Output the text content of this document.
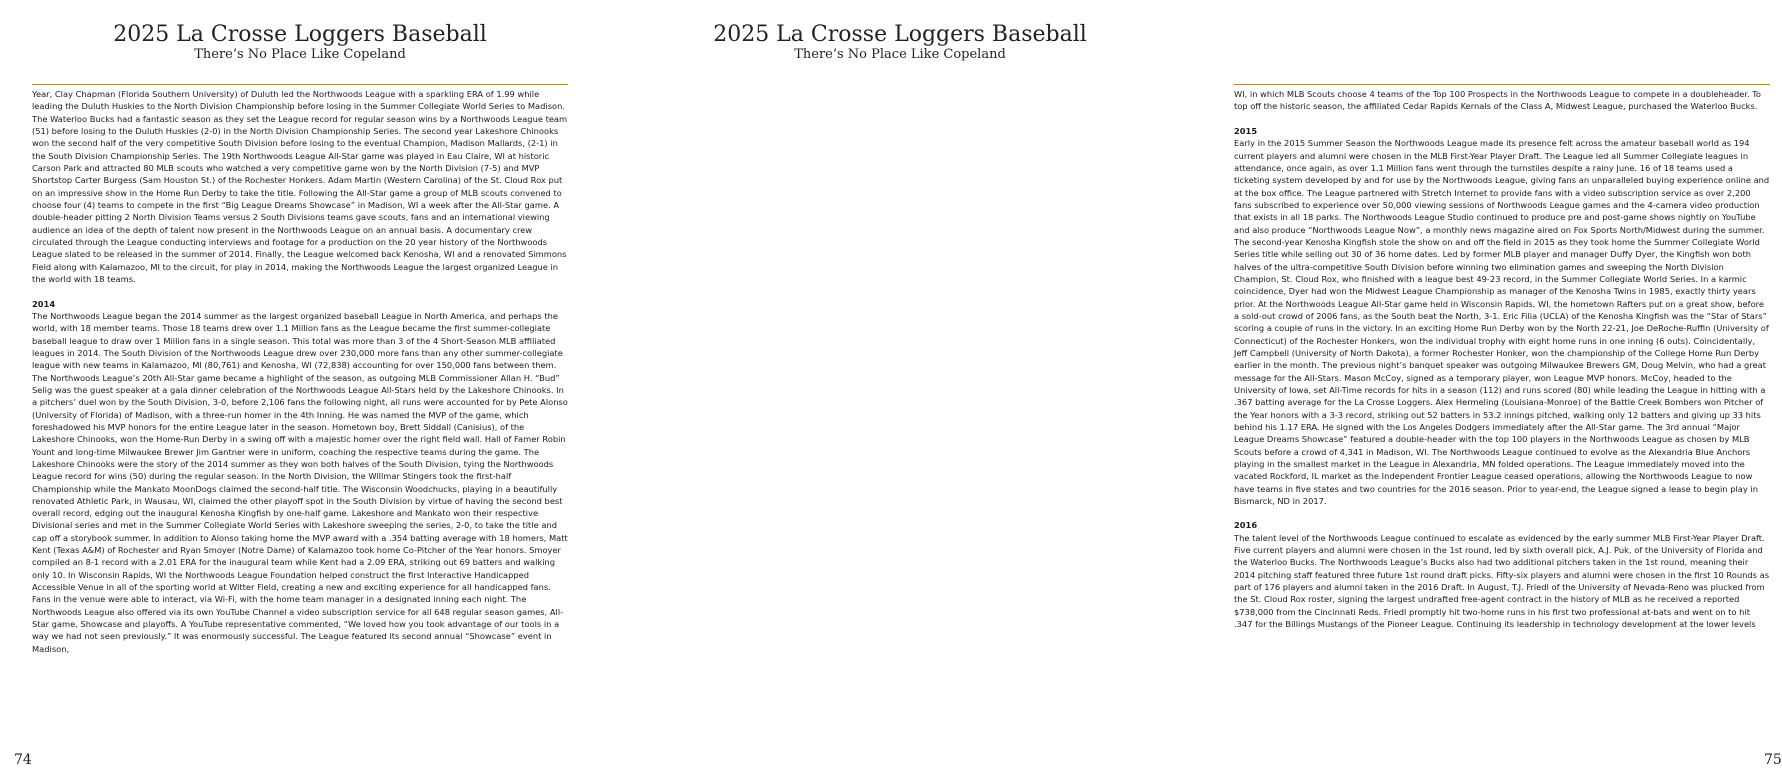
2025 La Crosse Loggers Baseball
There’s No Place Like Copeland

Year, Clay Chapman (Florida Southern University) of Duluth led the Northwoods League with a sparkling ERA of 1.99 while leading the Duluth Huskies to the North Division Championship before losing in the Summer Collegiate World Series to Madison. The Waterloo Bucks had a fantastic season as they set the League record for regular season wins by a Northwoods League team (51) before losing to the Duluth Huskies (2-0) in the North Division Championship Series. The second year Lakeshore Chinooks won the second half of the very competitive South Division before losing to the eventual Champion, Madison Mallards, (2-1) in the South Division Championship Series. The 19th Northwoods League All-Star game was played in Eau Claire, WI at historic Carson Park and attracted 80 MLB scouts who watched a very competitive game won by the North Division (7-5) and MVP Shortstop Carter Burgess (Sam Houston St.) of the Rochester Honkers. Adam Martin (Western Carolina) of the St. Cloud Rox put on an impressive show in the Home Run Derby to take the title. Following the All-Star game a group of MLB scouts convened to choose four (4) teams to compete in the first “Big League Dreams Showcase” in Madison, WI a week after the All-Star game. A double-header pitting 2 North Division Teams versus 2 South Divisions teams gave scouts, fans and an international viewing audience an idea of the depth of talent now present in the Northwoods League on an annual basis. A documentary crew circulated through the League conducting interviews and footage for a production on the 20 year history of the Northwoods League slated to be released in the summer of 2014. Finally, the League welcomed back Kenosha, WI and a renovated Simmons Field along with Kalamazoo, MI to the circuit, for play in 2014, making the Northwoods League the largest organized League in the world with 18 teams.

2014

The Northwoods League began the 2014 summer as the largest organized baseball League in North America, and perhaps the world, with 18 member teams. Those 18 teams drew over 1.1 Million fans as the League became the first summer-collegiate baseball league to draw over 1 Million fans in a single season. This total was more than 3 of the 4 Short-Season MLB affiliated leagues in 2014. The South Division of the Northwoods League drew over 230,000 more fans than any other summer-collegiate league with new teams in Kalamazoo, MI (80,761) and Kenosha, WI (72,838) accounting for over 150,000 fans between them. The Northwoods League’s 20th All-Star game became a highlight of the season, as outgoing MLB Commissioner Allan H. “Bud” Selig was the guest speaker at a gala dinner celebration of the Northwoods League All-Stars held by the Lakeshore Chinooks. In a pitchers’ duel won by the South Division, 3-0, before 2,106 fans the following night, all runs were accounted for by Pete Alonso (University of Florida) of Madison, with a three-run homer in the 4th Inning. He was named the MVP of the game, which foreshadowed his MVP honors for the entire League later in the season. Hometown boy, Brett Siddall (Canisius), of the Lakeshore Chinooks, won the Home-Run Derby in a swing off with a majestic homer over the right field wall. Hall of Famer Robin Yount and long-time Milwaukee Brewer Jim Gantner were in uniform, coaching the respective teams during the game. The Lakeshore Chinooks were the story of the 2014 summer as they won both halves of the South Division, tying the Northwoods League record for wins (50) during the regular season. In the North Division, the Willmar Stingers took the first-half Championship while the Mankato MoonDogs claimed the second-half title. The Wisconsin Woodchucks, playing in a beautifully renovated Athletic Park, in Wausau, WI, claimed the other playoff spot in the South Division by virtue of having the second best overall record, edging out the inaugural Kenosha Kingfish by one-half game. Lakeshore and Mankato won their respective Divisional series and met in the Summer Collegiate World Series with Lakeshore sweeping the series, 2-0, to take the title and cap off a storybook summer. In addition to Alonso taking home the MVP award with a .354 batting average with 18 homers, Matt Kent (Texas A&M) of Rochester and Ryan Smoyer (Notre Dame) of Kalamazoo took home Co-Pitcher of the Year honors. Smoyer compiled an 8-1 record with a 2.01 ERA for the inaugural team while Kent had a 2.09 ERA, striking out 69 batters and walking only 10. In Wisconsin Rapids, WI the Northwoods League Foundation helped construct the first Interactive Handicapped Accessible Venue in all of the sporting world at Witter Field, creating a new and exciting experience for all handicapped fans. Fans in the venue were able to interact, via Wi-Fi, with the home team manager in a designated inning each night. The Northwoods League also offered via its own YouTube Channel a video subscription service for all 648 regular season games, All-Star game, Showcase and playoffs. A YouTube representative commented, “We loved how you took advantage of our tools in a way we had not seen previously.” It was enormously successful. The League featured its second annual “Showcase” event in Madison,

74
2025 La Crosse Loggers Baseball
There’s No Place Like Copeland

WI, in which MLB Scouts choose 4 teams of the Top 100 Prospects in the Northwoods League to compete in a doubleheader. To top off the historic season, the affiliated Cedar Rapids Kernals of the Class A, Midwest League, purchased the Waterloo Bucks.

2015

Early in the 2015 Summer Season the Northwoods League made its presence felt across the amateur baseball world as 194 current players and alumni were chosen in the MLB First-Year Player Draft. The League led all Summer Collegiate leagues in attendance, once again, as over 1.1 Million fans went through the turnstiles despite a rainy June. 16 of 18 teams used a ticketing system developed by and for use by the Northwoods League, giving fans an unparalleled buying experience online and at the box office. The League partnered with Stretch Internet to provide fans with a video subscription service as over 2,200 fans subscribed to experience over 50,000 viewing sessions of Northwoods League games and the 4-camera video production that exists in all 18 parks. The Northwoods League Studio continued to produce pre and post-game shows nightly on YouTube and also produce “Northwoods League Now”, a monthly news magazine aired on Fox Sports North/Midwest during the summer. The second-year Kenosha Kingfish stole the show on and off the field in 2015 as they took home the Summer Collegiate World Series title while selling out 30 of 36 home dates. Led by former MLB player and manager Duffy Dyer, the Kingfish won both halves of the ultra-competitive South Division before winning two elimination games and sweeping the North Division Champion, St. Cloud Rox, who finished with a league best 49-23 record, in the Summer Collegiate World Series. In a karmic coincidence, Dyer had won the Midwest League Championship as manager of the Kenosha Twins in 1985, exactly thirty years prior. At the Northwoods League All-Star game held in Wisconsin Rapids, WI, the hometown Rafters put on a great show, before a sold-out crowd of 2006 fans, as the South beat the North, 3-1. Eric Filia (UCLA) of the Kenosha Kingfish was the “Star of Stars” scoring a couple of runs in the victory. In an exciting Home Run Derby won by the North 22-21, Joe DeRoche-Ruffin (University of Connecticut) of the Rochester Honkers, won the individual trophy with eight home runs in one inning (6 outs). Coincidentally, Jeff Campbell (University of North Dakota), a former Rochester Honker, won the championship of the College Home Run Derby earlier in the month. The previous night’s banquet speaker was outgoing Milwaukee Brewers GM, Doug Melvin, who had a great message for the All-Stars. Mason McCoy, signed as a temporary player, won League MVP honors. McCoy, headed to the University of Iowa, set All-Time records for hits in a season (112) and runs scored (80) while leading the League in hitting with a .367 batting average for the La Crosse Loggers. Alex Hermeling (Louisiana-Monroe) of the Battle Creek Bombers won Pitcher of the Year honors with a 3-3 record, striking out 52 batters in 53.2 innings pitched, walking only 12 batters and giving up 33 hits behind his 1.17 ERA. He signed with the Los Angeles Dodgers immediately after the All-Star game. The 3rd annual “Major League Dreams Showcase” featured a double-header with the top 100 players in the Northwoods League as chosen by MLB Scouts before a crowd of 4,341 in Madison, WI. The Northwoods League continued to evolve as the Alexandria Blue Anchors playing in the smallest market in the League in Alexandria, MN folded operations. The League immediately moved into the vacated Rockford, IL market as the Independent Frontier League ceased operations, allowing the Northwoods League to now have teams in five states and two countries for the 2016 season. Prior to year-end, the League signed a lease to begin play in Bismarck, ND in 2017.

2016

The talent level of the Northwoods League continued to escalate as evidenced by the early summer MLB First-Year Player Draft. Five current players and alumni were chosen in the 1st round, led by sixth overall pick, A.J. Puk, of the University of Florida and the Waterloo Bucks. The Northwoods League’s Bucks also had two additional pitchers taken in the 1st round, meaning their 2014 pitching staff featured three future 1st round draft picks. Fifty-six players and alumni were chosen in the first 10 Rounds as part of 176 players and alumni taken in the 2016 Draft. In August, T.J. Friedl of the University of Nevada-Reno was plucked from the St. Cloud Rox roster, signing the largest undrafted free-agent contract in the history of MLB as he received a reported $738,000 from the Cincinnati Reds. Friedl promptly hit two-home runs in his first two professional at-bats and went on to hit .347 for the Billings Mustangs of the Pioneer League. Continuing its leadership in technology development at the lower levels

75
